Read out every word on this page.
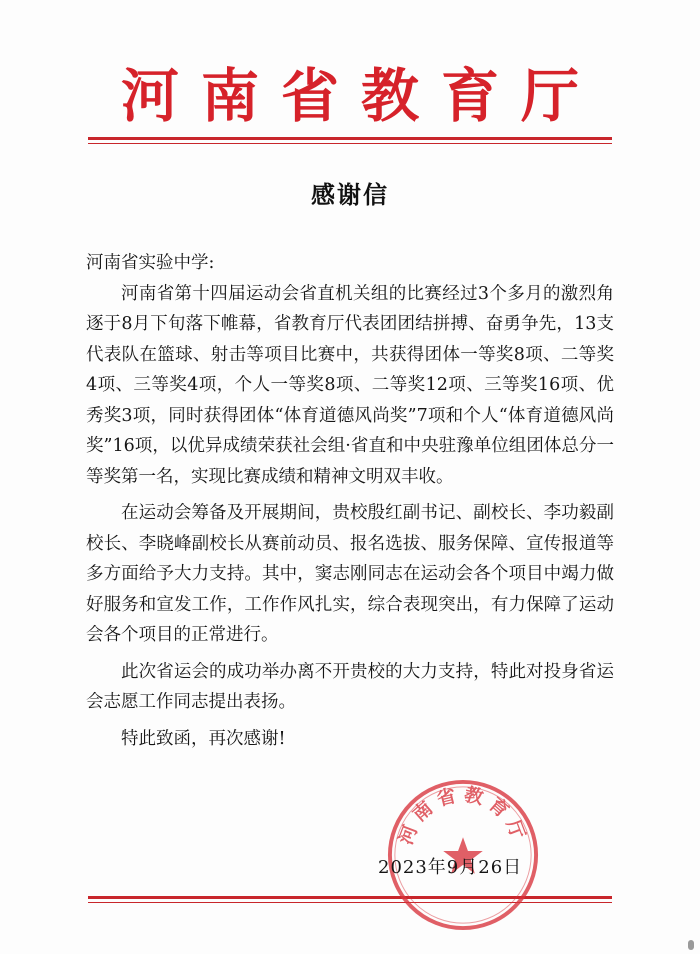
河南省教育厅
感谢信

河南省实验中学:

河南省第十四届运动会省直机关组的比赛经过3个多月的激烈角逐于8月下旬落下帷幕，省教育厅代表团团结拼搏、奋勇争先，13支代表队在篮球、射击等项目比赛中，共获得团体一等奖8项、二等奖4项、三等奖4项，个人一等奖8项、二等奖12项、三等奖16项、优秀奖3项，同时获得团体“体育道德风尚奖”7项和个人“体育道德风尚奖”16项，以优异成绩荣获社会组·省直和中央驻豫单位组团体总分一等奖第一名，实现比赛成绩和精神文明双丰收。

在运动会筹备及开展期间，贵校殷红副书记、副校长、李功毅副校长、李晓峰副校长从赛前动员、报名选拔、服务保障、宣传报道等多方面给予大力支持。其中，窦志刚同志在运动会各个项目中竭力做好服务和宣发工作，工作作风扎实，综合表现突出，有力保障了运动会各个项目的正常进行。

此次省运会的成功举办离不开贵校的大力支持，特此对投身省运会志愿工作同志提出表扬。

特此致函，再次感谢!

河南省教育厅
2023年9月26日
